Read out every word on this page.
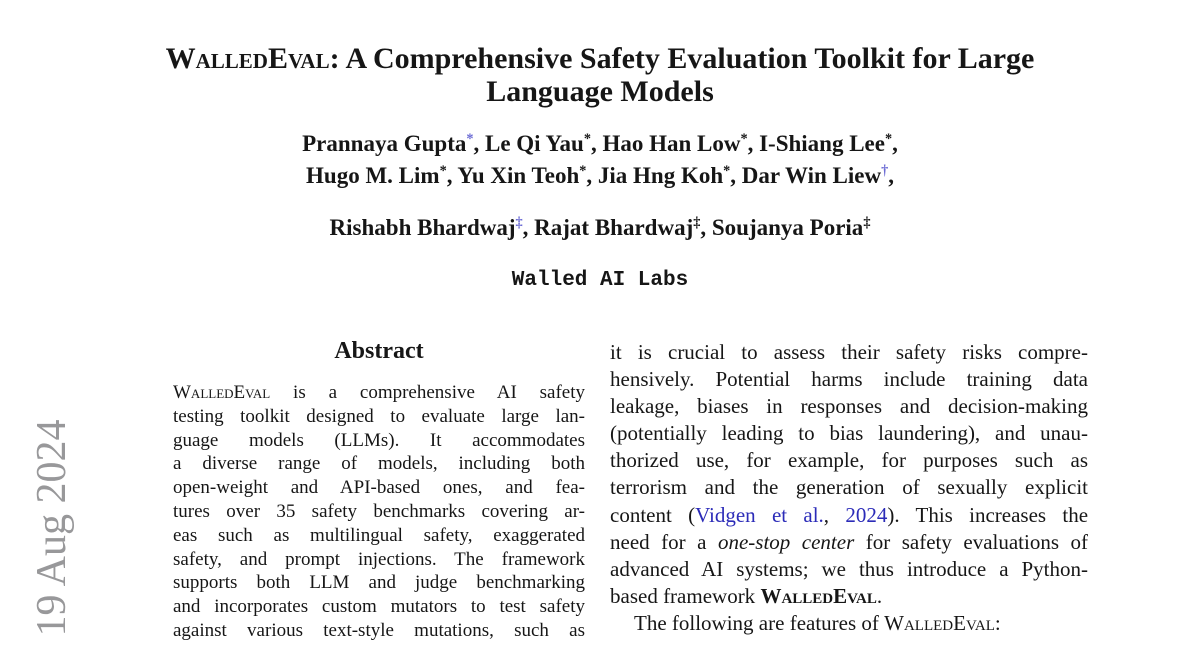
19 Aug 2024
WalledEval: A Comprehensive Safety Evaluation Toolkit for Large
Language Models
Prannaya Gupta*, Le Qi Yau*, Hao Han Low*, I-Shiang Lee*,
Hugo M. Lim*, Yu Xin Teoh*, Jia Hng Koh*, Dar Win Liew†,
Rishabh Bhardwaj‡, Rajat Bhardwaj‡, Soujanya Poria‡
Walled AI Labs
Abstract
WalledEval is a comprehensive AI safety
testing toolkit designed to evaluate large lan-
guage models (LLMs). It accommodates
a diverse range of models, including both
open-weight and API-based ones, and fea-
tures over 35 safety benchmarks covering ar-
eas such as multilingual safety, exaggerated
safety, and prompt injections. The framework
supports both LLM and judge benchmarking
and incorporates custom mutators to test safety
against various text-style mutations, such as
it is crucial to assess their safety risks compre-
hensively. Potential harms include training data
leakage, biases in responses and decision-making
(potentially leading to bias laundering), and unau-
thorized use, for example, for purposes such as
terrorism and the generation of sexually explicit
content (Vidgen et al., 2024). This increases the
need for a one-stop center for safety evaluations of
advanced AI systems; we thus introduce a Python-
based framework WalledEval.
The following are features of WalledEval:
